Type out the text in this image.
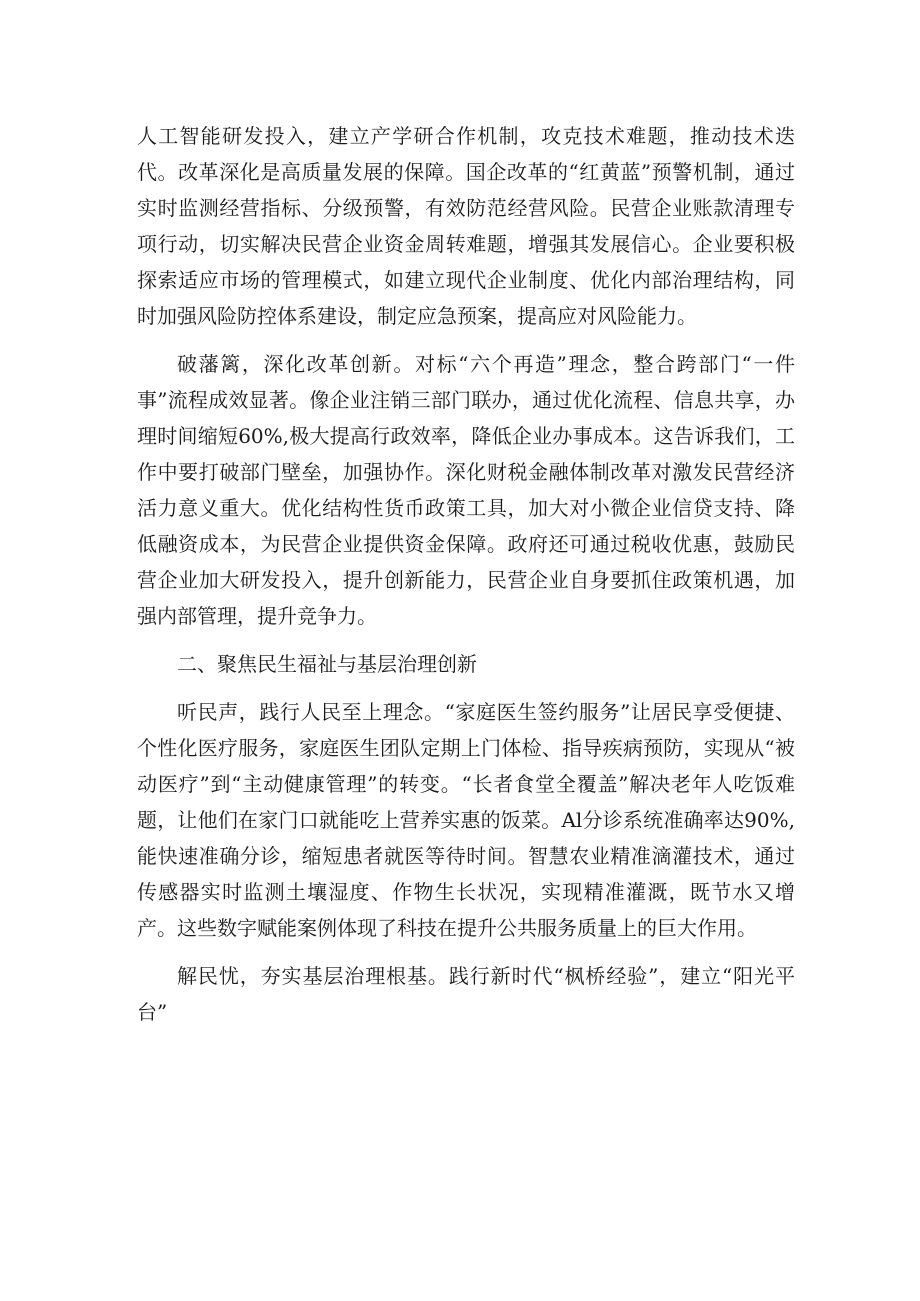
人工智能研发投入，建立产学研合作机制，攻克技术难题，推动技术迭代。改革深化是高质量发展的保障。国企改革的“红黄蓝”预警机制，通过实时监测经营指标、分级预警，有效防范经营风险。民营企业账款清理专项行动，切实解决民营企业资金周转难题，增强其发展信心。企业要积极探索适应市场的管理模式，如建立现代企业制度、优化内部治理结构，同时加强风险防控体系建设，制定应急预案，提高应对风险能力。

破藩篱，深化改革创新。对标“六个再造”理念，整合跨部门“一件事”流程成效显著。像企业注销三部门联办，通过优化流程、信息共享，办理时间缩短60%,极大提高行政效率，降低企业办事成本。这告诉我们，工作中要打破部门壁垒，加强协作。深化财税金融体制改革对激发民营经济活力意义重大。优化结构性货币政策工具，加大对小微企业信贷支持、降低融资成本，为民营企业提供资金保障。政府还可通过税收优惠，鼓励民营企业加大研发投入，提升创新能力，民营企业自身要抓住政策机遇，加强内部管理，提升竞争力。

二、聚焦民生福祉与基层治理创新

听民声，践行人民至上理念。“家庭医生签约服务”让居民享受便捷、个性化医疗服务，家庭医生团队定期上门体检、指导疾病预防，实现从“被动医疗”到“主动健康管理”的转变。“长者食堂全覆盖”解决老年人吃饭难题，让他们在家门口就能吃上营养实惠的饭菜。Al分诊系统准确率达90%,能快速准确分诊，缩短患者就医等待时间。智慧农业精准滴灌技术，通过传感器实时监测土壤湿度、作物生长状况，实现精准灌溉，既节水又增产。这些数字赋能案例体现了科技在提升公共服务质量上的巨大作用。

解民忧，夯实基层治理根基。践行新时代“枫桥经验”，建立“阳光平台”
